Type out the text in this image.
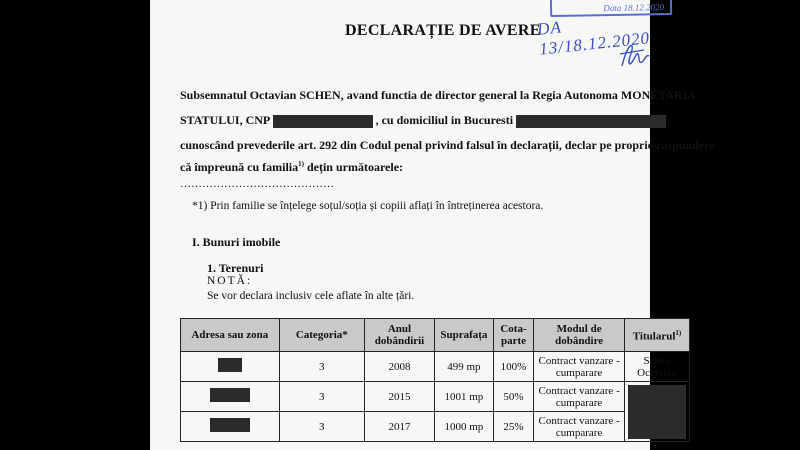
Data 18.12.2020
DA 13/18.12.2020
DECLARAȚIE DE AVERE
Subsemnatul Octavian SCHEN, avand functia de director general la Regia Autonoma MONETARIA
STATULUI, CNP	, cu domiciliul in Bucuresti
cunoscând prevederile art. 292 din Codul penal privind falsul în declarații, declar pe proprie răspundere
că împreună cu familia$^{1)}$ dețin următoarele:
……………………………………
*1) Prin familie se înțelege soțul/soția și copiii aflați în întreținerea acestora.
I. Bunuri imobile
1. Terenuri
NOTĂ:
Se vor declara inclusiv cele aflate în alte țări.
Adresa sau zona	Categoria*	Anul dobândirii	Suprafața	Cota-parte	Modul de dobândire	Titularul$^{1)}$
	3	2008	499 mp	100%	Contract vanzare - cumparare	Schen Octavian
	3	2015	1001 mp	50%	Contract vanzare - cumparare	

	3	2017	1000 mp	25%	Contract vanzare - cumparare	
